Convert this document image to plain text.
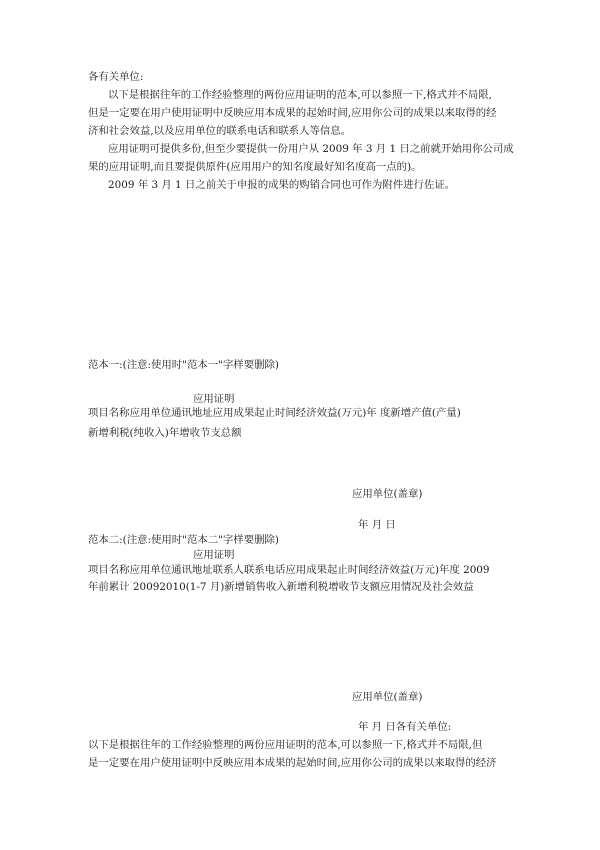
各有关单位:
以下是根据往年的工作经验整理的两份应用证明的范本,可以参照一下,格式并不局限,
但是一定要在用户使用证明中反映应用本成果的起始时间,应用你公司的成果以来取得的经
济和社会效益,以及应用单位的联系电话和联系人等信息。
应用证明可提供多份,但至少要提供一份用户从 2009 年 3 月 1 日之前就开始用你公司成
果的应用证明,而且要提供原件(应用用户的知名度最好知名度高一点的)。
2009 年 3 月 1 日之前关于申报的成果的购销合同也可作为附件进行佐证。
范本一:(注意:使用时"范本一"字样要删除)
应用证明
项目名称应用单位通讯地址应用成果起止时间经济效益(万元)年 度新增产值(产量)
新增利税(纯收入)年增收节支总额
应用单位(盖章)
年 月 日
范本二:(注意:使用时"范本二"字样要删除)
应用证明
项目名称应用单位通讯地址联系人联系电话应用成果起止时间经济效益(万元)年度 2009
年前累计 20092010(1-7 月)新增销售收入新增利税增收节支额应用情况及社会效益
应用单位(盖章)
年 月 日各有关单位:
以下是根据往年的工作经验整理的两份应用证明的范本,可以参照一下,格式并不局限,但
是一定要在用户使用证明中反映应用本成果的起始时间,应用你公司的成果以来取得的经济
